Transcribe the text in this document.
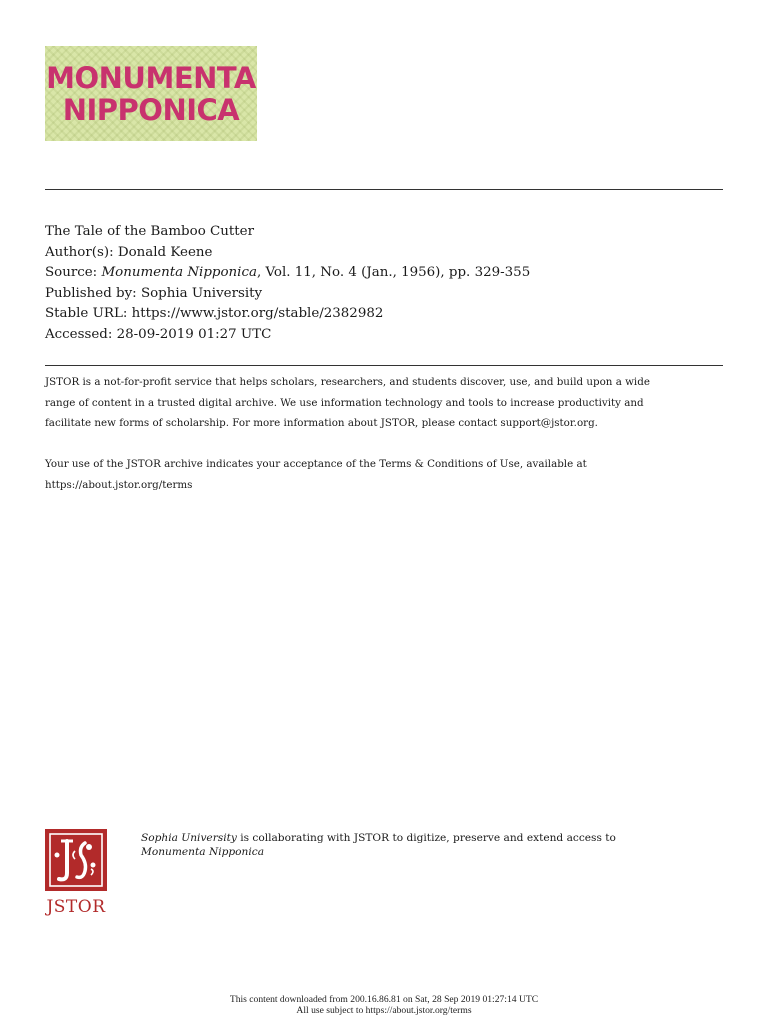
MONUMENTA
NIPPONICA
The Tale of the Bamboo Cutter
Author(s): Donald Keene
Source: Monumenta Nipponica, Vol. 11, No. 4 (Jan., 1956), pp. 329-355
Published by: Sophia University
Stable URL: https://www.jstor.org/stable/2382982
Accessed: 28-09-2019 01:27 UTC
JSTOR is a not-for-profit service that helps scholars, researchers, and students discover, use, and build upon a wide
range of content in a trusted digital archive. We use information technology and tools to increase productivity and
facilitate new forms of scholarship. For more information about JSTOR, please contact support@jstor.org.
Your use of the JSTOR archive indicates your acceptance of the Terms & Conditions of Use, available at
https://about.jstor.org/terms
JSTOR
Sophia University is collaborating with JSTOR to digitize, preserve and extend access to
Monumenta Nipponica
This content downloaded from 200.16.86.81 on Sat, 28 Sep 2019 01:27:14 UTC
All use subject to https://about.jstor.org/terms
